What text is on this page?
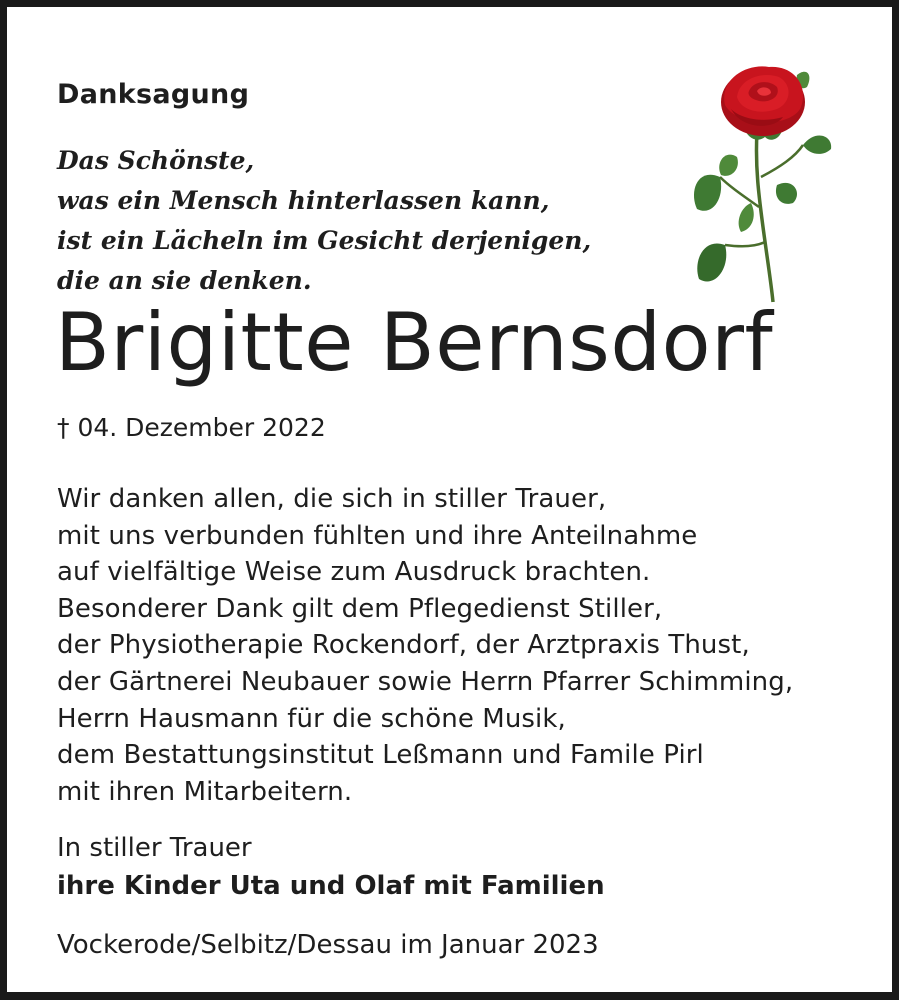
Danksagung
Das Schönste,
was ein Mensch hinterlassen kann,
ist ein Lächeln im Gesicht derjenigen,
die an sie denken.
Brigitte Bernsdorf
† 04. Dezember 2022
Wir danken allen, die sich in stiller Trauer,
mit uns verbunden fühlten und ihre Anteilnahme
auf vielfältige Weise zum Ausdruck brachten.
Besonderer Dank gilt dem Pflegedienst Stiller,
der Physiotherapie Rockendorf, der Arztpraxis Thust,
der Gärtnerei Neubauer sowie Herrn Pfarrer Schimming,
Herrn Hausmann für die schöne Musik,
dem Bestattungsinstitut Leßmann und Famile Pirl
mit ihren Mitarbeitern.
In stiller Trauer
ihre Kinder Uta und Olaf mit Familien
Vockerode/Selbitz/Dessau im Januar 2023
